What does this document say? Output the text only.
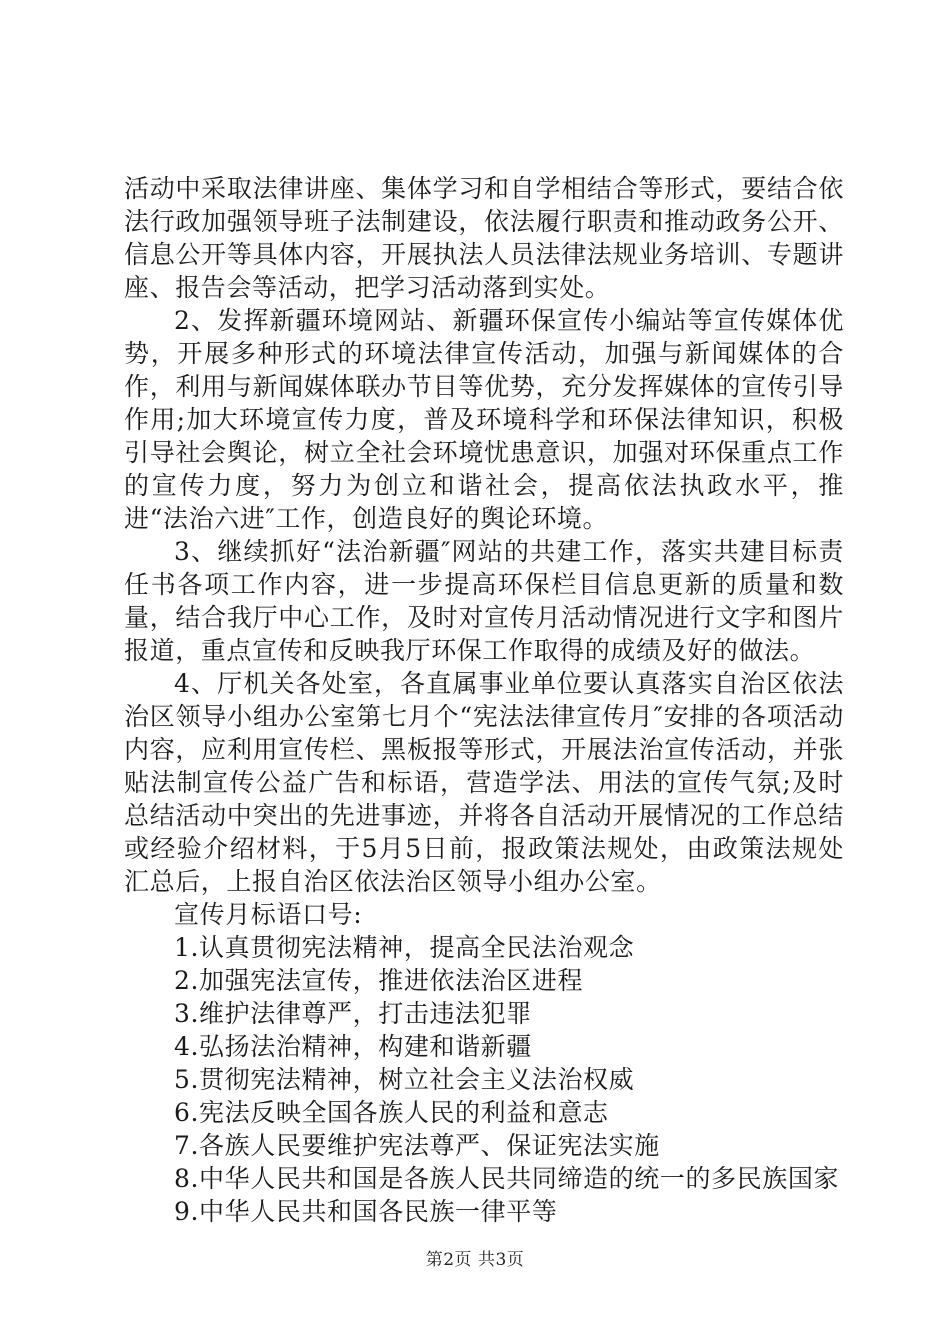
活动中采取法律讲座、集体学习和自学相结合等形式，要结合依法行政加强领导班子法制建设，依法履行职责和推动政务公开、信息公开等具体内容，开展执法人员法律法规业务培训、专题讲座、报告会等活动，把学习活动落到实处。

2、发挥新疆环境网站、新疆环保宣传小编站等宣传媒体优势，开展多种形式的环境法律宣传活动，加强与新闻媒体的合作，利用与新闻媒体联办节目等优势，充分发挥媒体的宣传引导作用;加大环境宣传力度，普及环境科学和环保法律知识，积极引导社会舆论，树立全社会环境忧患意识，加强对环保重点工作的宣传力度，努力为创立和谐社会，提高依法执政水平，推进“法治六进″工作，创造良好的舆论环境。

3、继续抓好“法治新疆″网站的共建工作，落实共建目标责任书各项工作内容，进一步提高环保栏目信息更新的质量和数量，结合我厅中心工作，及时对宣传月活动情况进行文字和图片报道，重点宣传和反映我厅环保工作取得的成绩及好的做法。

4、厅机关各处室，各直属事业单位要认真落实自治区依法治区领导小组办公室第七月个“宪法法律宣传月″安排的各项活动内容，应利用宣传栏、黑板报等形式，开展法治宣传活动，并张贴法制宣传公益广告和标语，营造学法、用法的宣传气氛;及时总结活动中突出的先进事迹，并将各自活动开展情况的工作总结或经验介绍材料，于5月5日前，报政策法规处，由政策法规处汇总后，上报自治区依法治区领导小组办公室。

宣传月标语口号:

1.认真贯彻宪法精神，提高全民法治观念
2.加强宪法宣传，推进依法治区进程
3.维护法律尊严，打击违法犯罪
4.弘扬法治精神，构建和谐新疆
5.贯彻宪法精神，树立社会主义法治权威
6.宪法反映全国各族人民的利益和意志
7.各族人民要维护宪法尊严、保证宪法实施
8.中华人民共和国是各族人民共同缔造的统一的多民族国家
9.中华人民共和国各民族一律平等
第2页 共3页
